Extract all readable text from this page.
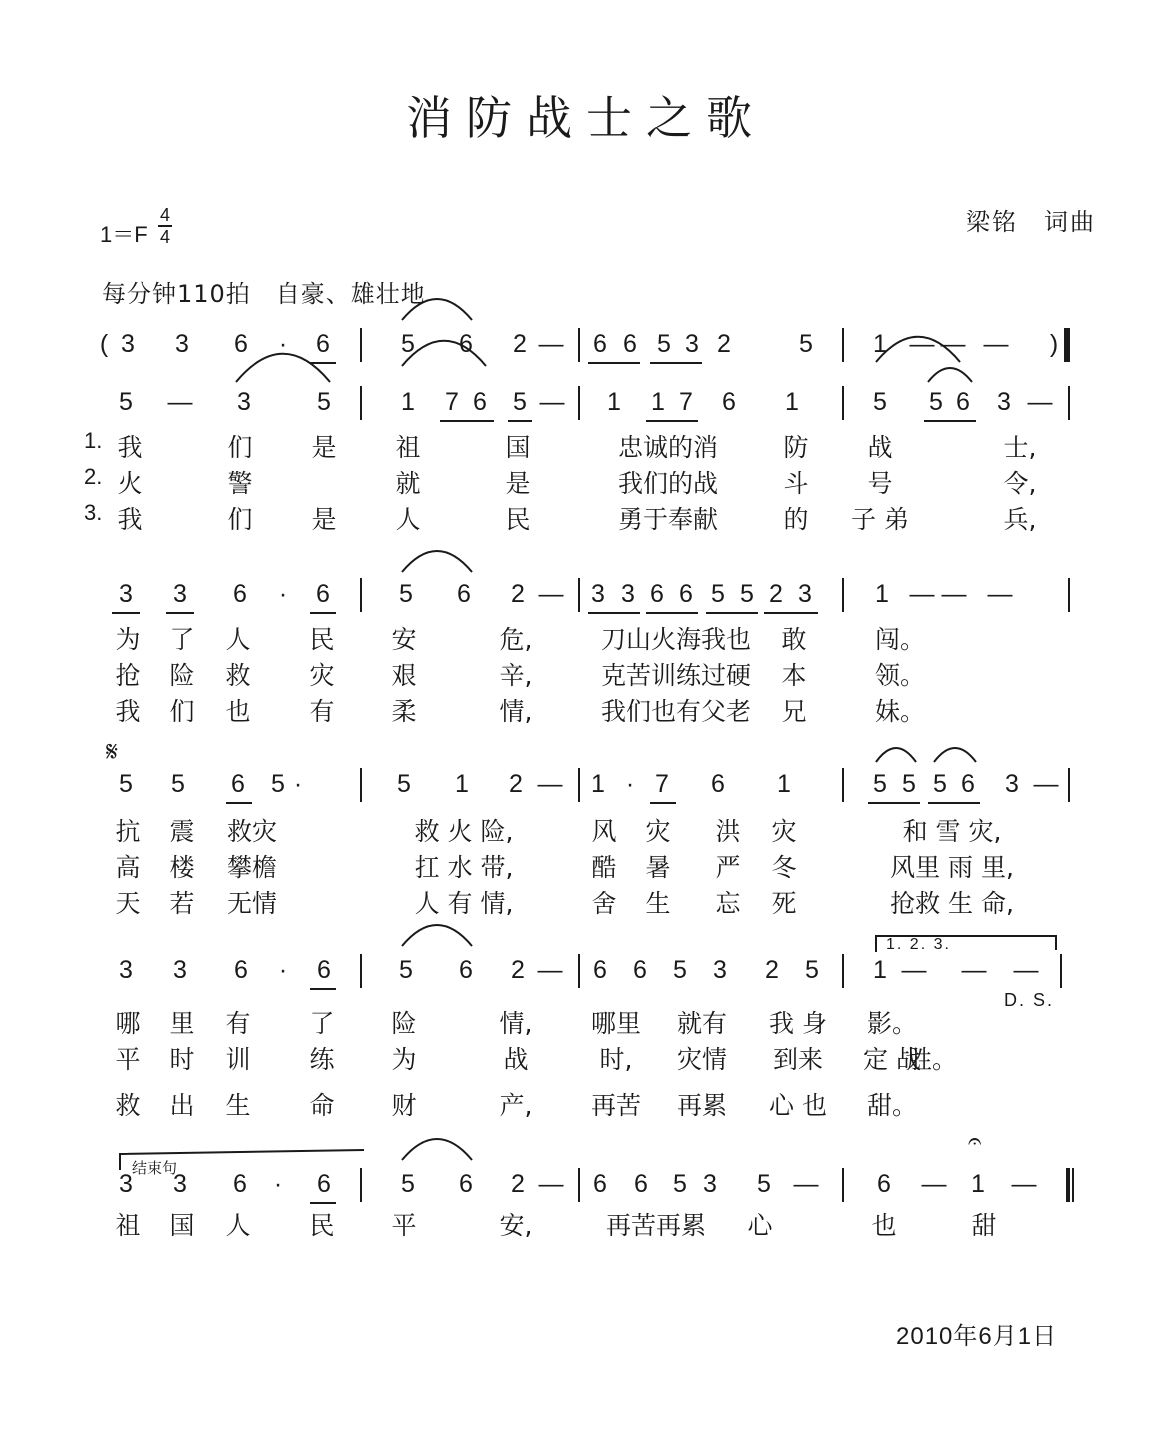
消防战士之歌
1＝F
4
4
梁铭　词曲
每分钟110拍　自豪、雄壮地
( 3 3 6 · 6	5 6 2 — 6 6 5 3 2	5 1 — — — )
5 — 3	5	1 7 6 5 — 1 1 7 6 1	5 5 6 3 —
3 3 6 · 6	5 6 2 — 3 3 6 6 5 5 2 3	1 — — —
5 5 6 5 ·	5 1 2 — 1 · 7 6 1	5 5 5 6 3 —
3 3 6 · 6	5 6 2 — 6 6 5 3 2 5 1 — — —
3 3 6 · 6	5 6 2 — 6 6 5 3 5 — 6 — 1 —
1. 我	们 是 祖	国	忠诚的消	防 战	士,
2. 火	警	就	是	我们的战	斗 号	令,
3. 我	们 是 人	民	勇于奉献	的 子 弟	兵,
为 了 人 民 安	危,	刀山火海我也 敢	闯。
抢 险 救 灾 艰	辛,	克苦训练过硬 本	领。
我 们 也 有 柔	情,	我们也有父老 兄	妹。
抗 震 救灾	救 火 险,	风 灾 洪 灾	和 雪 灾,
高 楼 攀檐	扛 水 带,	酷 暑 严 冬	风里 雨 里,
天 若 无情	人 有 情,	舍 生 忘 死	抢救 生 命,
哪 里 有 了 险	情, 哪里 就有 我 身 影。
平 时 训 练 为	战	时, 灾情 到来 定 战
胜。
救 出 生 命 财	产, 再苦 再累 心 也 甜。
祖 国 人 民 平	安,	再苦再累 心	也	甜
𝄋
1. 2. 3.
D. S.
结束句
𝄐
2010年6月1日
